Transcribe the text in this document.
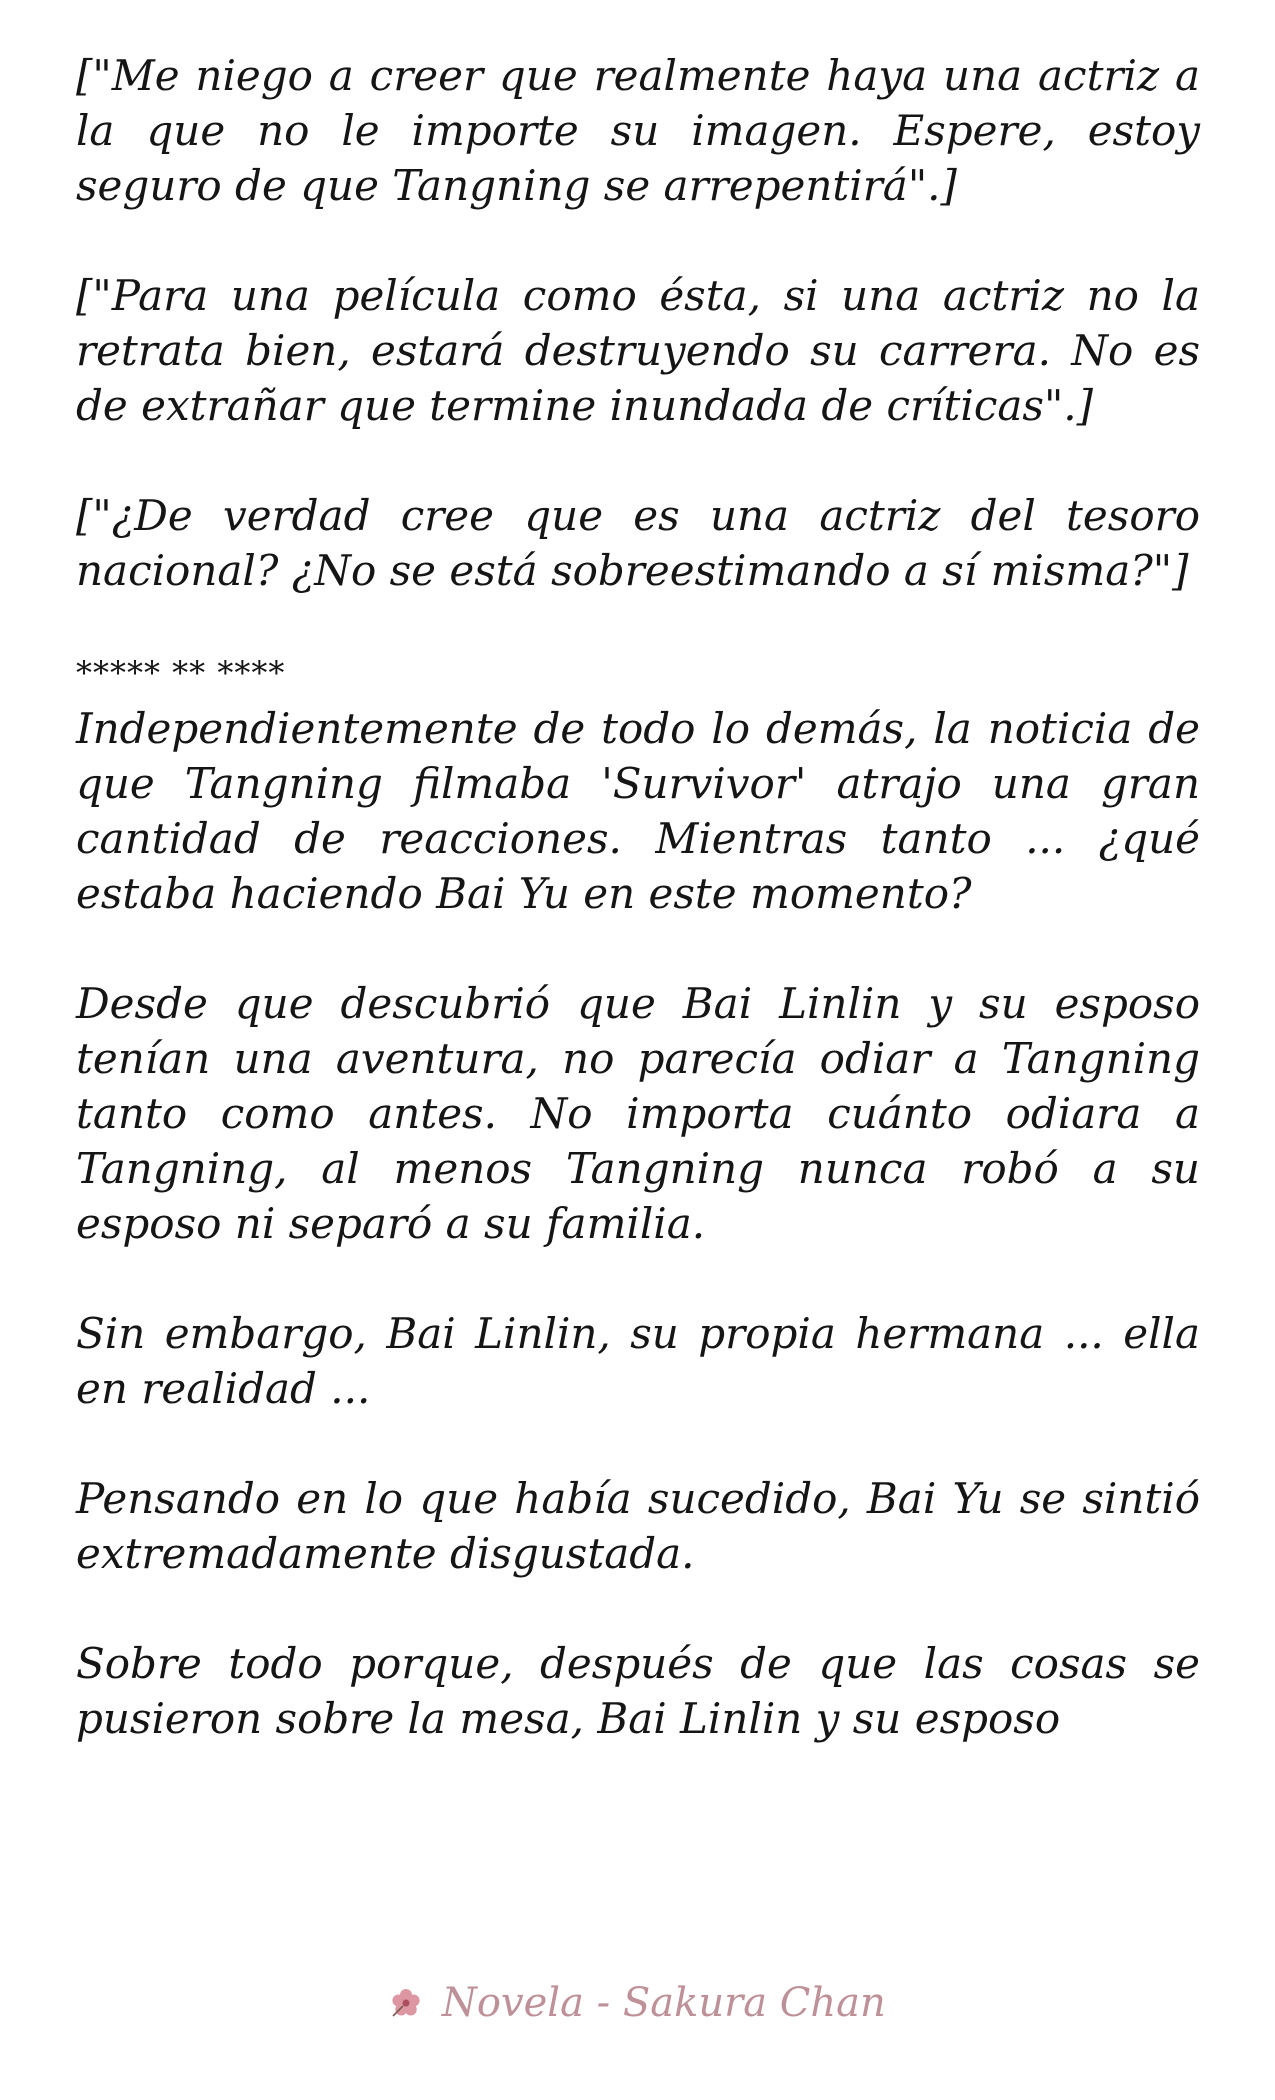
["Me niego a creer que realmente haya una actriz a la que no le importe su imagen. Espere, estoy seguro de que Tangning se arrepentirá".]

["Para una película como ésta, si una actriz no la retrata bien, estará destruyendo su carrera. No es de extrañar que termine inundada de críticas".]

["¿De verdad cree que es una actriz del tesoro nacional? ¿No se está sobreestimando a sí misma?"]

***** ** ****

Independientemente de todo lo demás, la noticia de que Tangning filmaba 'Survivor' atrajo una gran cantidad de reacciones. Mientras tanto ... ¿qué estaba haciendo Bai Yu en este momento?

Desde que descubrió que Bai Linlin y su esposo tenían una aventura, no parecía odiar a Tangning tanto como antes. No importa cuánto odiara a Tangning, al menos Tangning nunca robó a su esposo ni separó a su familia.

Sin embargo, Bai Linlin, su propia hermana ... ella en realidad ...

Pensando en lo que había sucedido, Bai Yu se sintió extremadamente disgustada.

Sobre todo porque, después de que las cosas se pusieron sobre la mesa, Bai Linlin y su esposo

Novela - Sakura Chan
